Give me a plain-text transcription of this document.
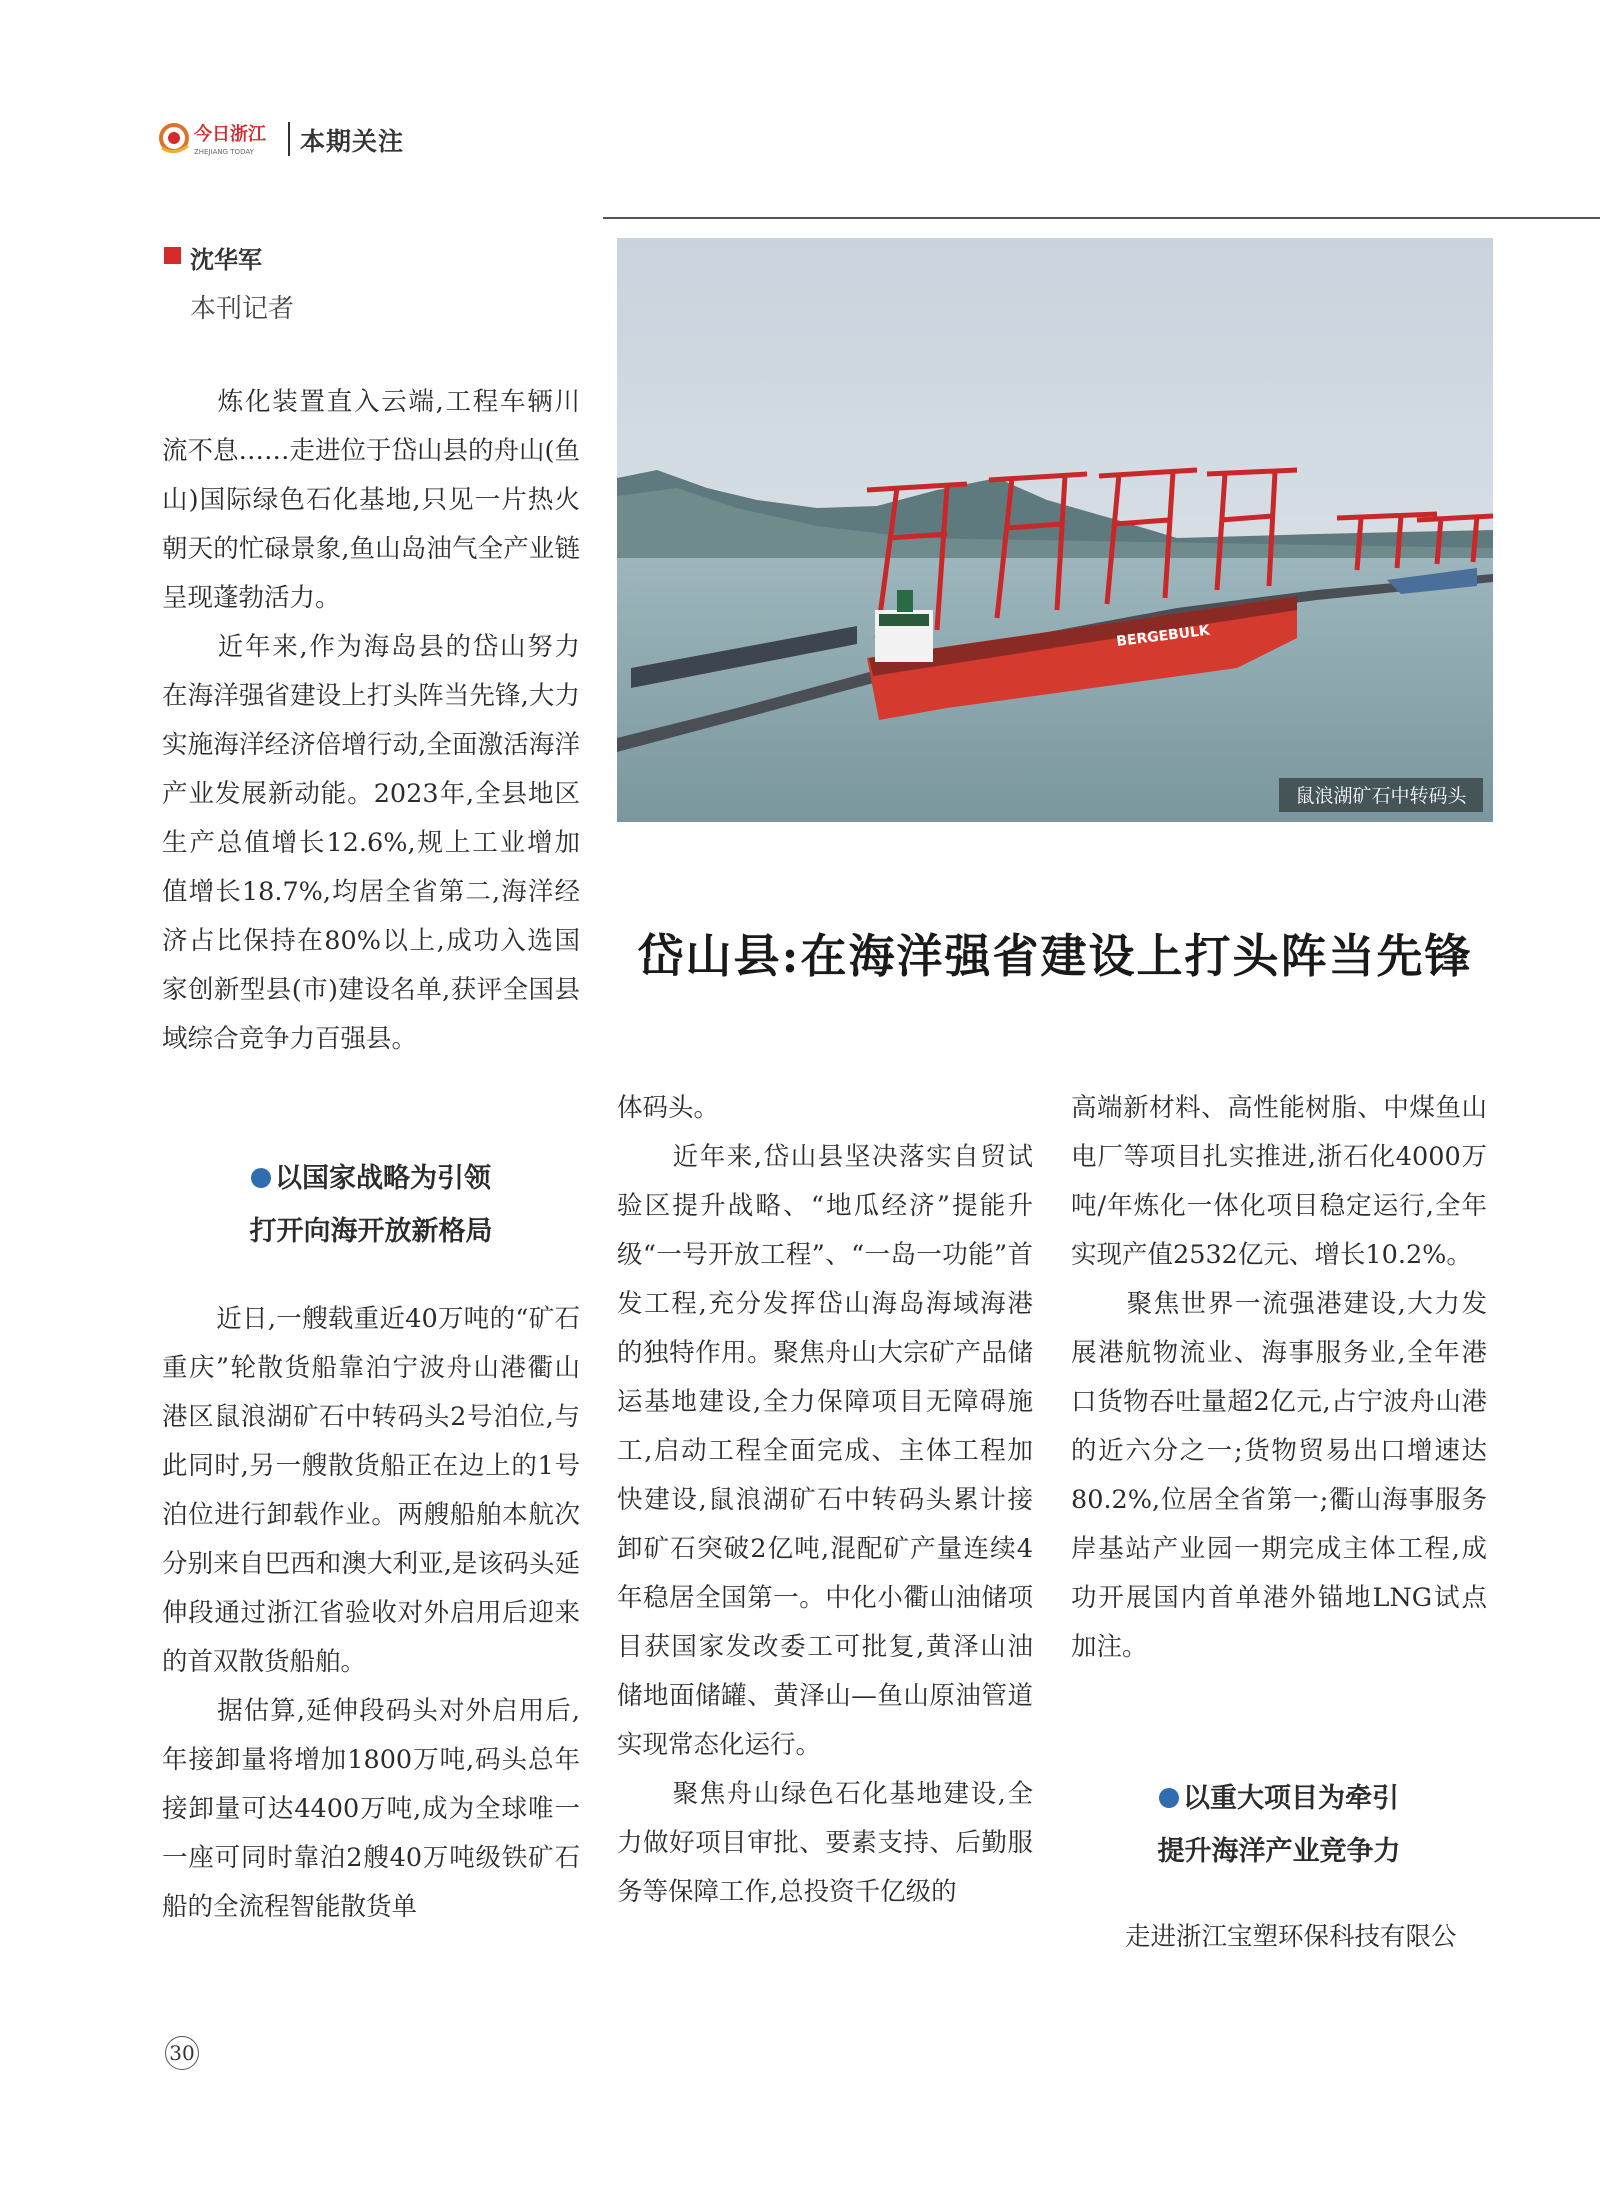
今日浙江
ZHEJIANG TODAY 本期关注
沈华军
本刊记者
BERGEBULK
鼠浪湖矿石中转码头
岱山县:在海洋强省建设上打头阵当先锋
炼化装置直入云端,工程车辆川流不息……走进位于岱山县的舟山(鱼山)国际绿色石化基地,只见一片热火朝天的忙碌景象,鱼山岛油气全产业链呈现蓬勃活力。
近年来,作为海岛县的岱山努力在海洋强省建设上打头阵当先锋,大力实施海洋经济倍增行动,全面激活海洋产业发展新动能。2023年,全县地区生产总值增长12.6%,规上工业增加值增长18.7%,均居全省第二,海洋经济占比保持在80%以上,成功入选国家创新型县(市)建设名单,获评全国县域综合竞争力百强县。
以国家战略为引领
打开向海开放新格局
近日,一艘载重近40万吨的“矿石重庆”轮散货船靠泊宁波舟山港衢山港区鼠浪湖矿石中转码头2号泊位,与此同时,另一艘散货船正在边上的1号泊位进行卸载作业。两艘船舶本航次分别来自巴西和澳大利亚,是该码头延伸段通过浙江省验收对外启用后迎来的首双散货船舶。
据估算,延伸段码头对外启用后,年接卸量将增加1800万吨,码头总年接卸量可达4400万吨,成为全球唯一一座可同时靠泊2艘40万吨级铁矿石船的全流程智能散货单
体码头。
近年来,岱山县坚决落实自贸试验区提升战略、“地瓜经济”提能升级“一号开放工程”、“一岛一功能”首发工程,充分发挥岱山海岛海域海港的独特作用。聚焦舟山大宗矿产品储运基地建设,全力保障项目无障碍施工,启动工程全面完成、主体工程加快建设,鼠浪湖矿石中转码头累计接卸矿石突破2亿吨,混配矿产量连续4年稳居全国第一。中化小衢山油储项目获国家发改委工可批复,黄泽山油储地面储罐、黄泽山—鱼山原油管道实现常态化运行。
聚焦舟山绿色石化基地建设,全力做好项目审批、要素支持、后勤服务等保障工作,总投资千亿级的
高端新材料、高性能树脂、中煤鱼山电厂等项目扎实推进,浙石化4000万吨/年炼化一体化项目稳定运行,全年实现产值2532亿元、增长10.2%。
聚焦世界一流强港建设,大力发展港航物流业、海事服务业,全年港口货物吞吐量超2亿元,占宁波舟山港的近六分之一;货物贸易出口增速达80.2%,位居全省第一;衢山海事服务岸基站产业园一期完成主体工程,成功开展国内首单港外锚地LNG试点加注。
以重大项目为牵引
提升海洋产业竞争力
走进浙江宝塑环保科技有限公
30
